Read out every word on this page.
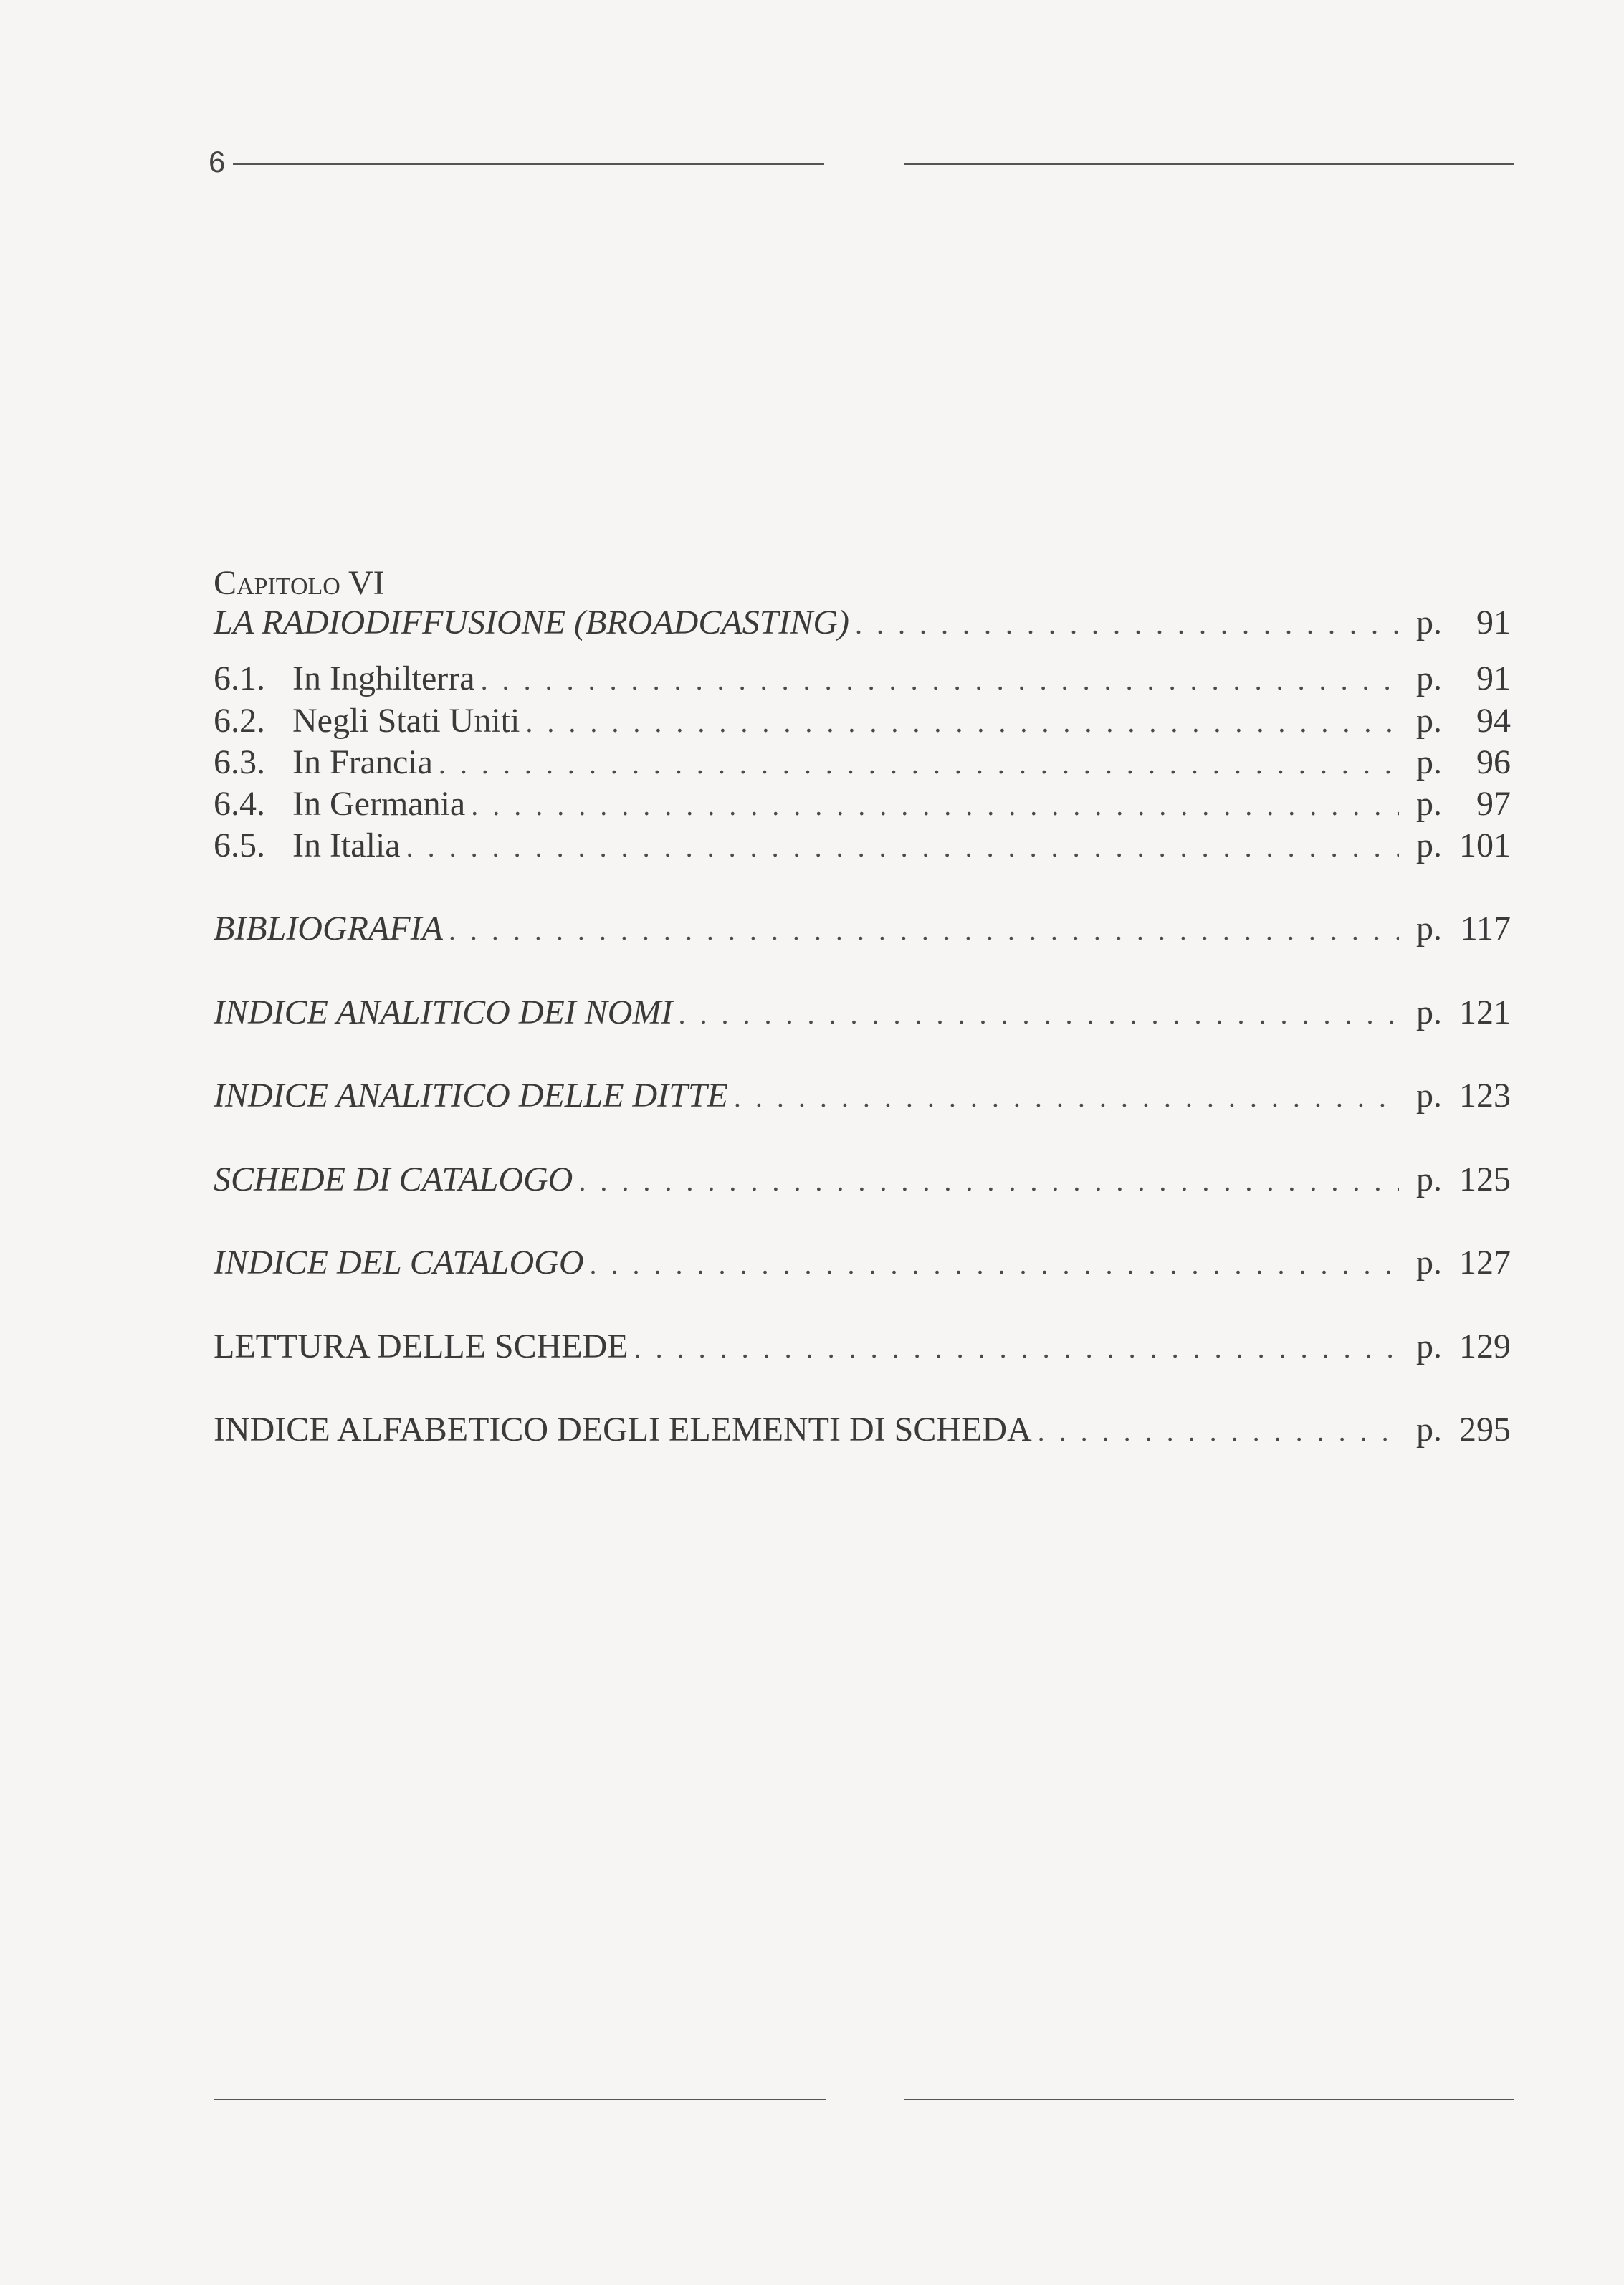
6
Capitolo VI
LA RADIODIFFUSIONE (BROADCASTING) . . .	p.	91
6.1. In Inghilterra . . .	p.	91
6.2. Negli Stati Uniti . . .	p.	94
6.3. In Francia . . .	p.	96
6.4. In Germania . . .	p.	97
6.5. In Italia . . .	p. 101
BIBLIOGRAFIA . . .	p. 117
INDICE ANALITICO DEI NOMI . . .	p. 121
INDICE ANALITICO DELLE DITTE . . .	p. 123
SCHEDE DI CATALOGO . . .	p. 125
INDICE DEL CATALOGO . . .	p. 127
LETTURA DELLE SCHEDE . . .	p. 129
INDICE ALFABETICO DEGLI ELEMENTI DI SCHEDA . . .	p. 295
